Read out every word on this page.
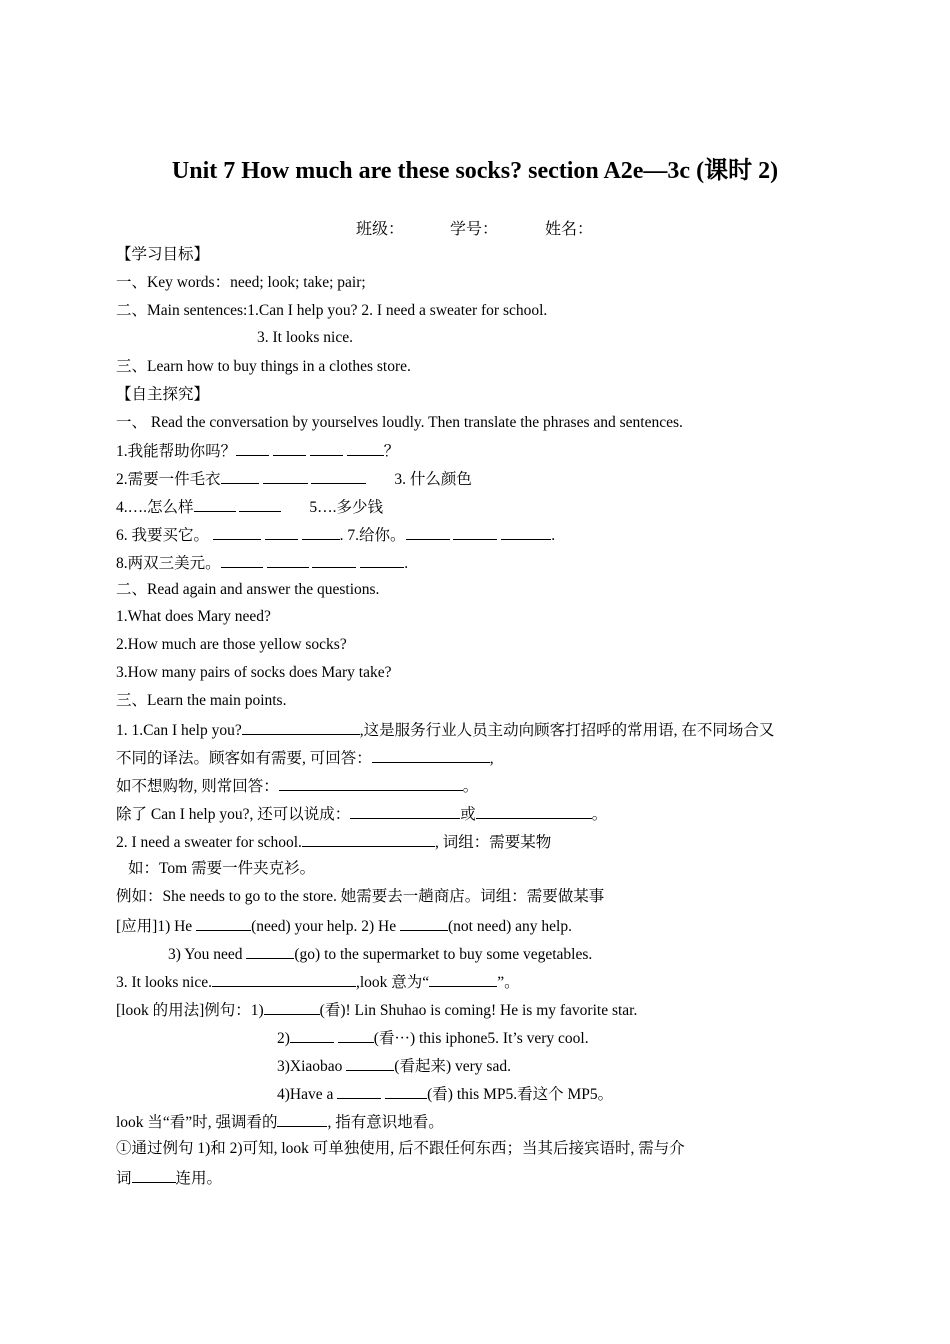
Unit 7 How much are these socks? section A2e—3c (课时 2)
班级：	学号：	姓名：
【学习目标】
一、Key words：need; look; take; pair;
二、Main sentences:1.Can I help you? 2. I need a sweater for school.
3. It looks nice.
三、Learn how to buy things in a clothes store.
【自主探究】
一、 Read the conversation by yourselves loudly. Then translate the phrases and sentences.
1.我能帮助你吗？	？
2.需要一件毛衣	3. 什么颜色
4.….怎么样	5….多少钱
6. 我要买它。	. 7.给你。	.
8.两双三美元。	.
二、Read again and answer the questions.
1.What does Mary need?
2.How much are those yellow socks?
3.How many pairs of socks does Mary take?
三、Learn the main points.
1. 1.Can I help you?	,这是服务行业人员主动向顾客打招呼的常用语, 在不同场合又
不同的译法。顾客如有需要, 可回答：	,
如不想购物, 则常回答：	。
除了 Can I help you?, 还可以说成：	或	。
2. I need a sweater for school.	, 词组：需要某物
如：Tom 需要一件夹克衫。
例如：She needs to go to the store. 她需要去一趟商店。词组：需要做某事
[应用]1) He	(need) your help. 2) He	(not need) any help.
3) You need	(go) to the supermarket to buy some vegetables.
3. It looks nice.	,look 意为“	”。
[look 的用法]例句：1)	(看)! Lin Shuhao is coming! He is my favorite star.
2)	(看···) this iphone5. It’s very cool.
3)Xiaobao	(看起来) very sad.
4)Have a	(看) this MP5.看这个 MP5。
look 当“看”时, 强调看的	, 指有意识地看。
①通过例句 1)和 2)可知, look 可单独使用, 后不跟任何东西；当其后接宾语时, 需与介
词	连用。
